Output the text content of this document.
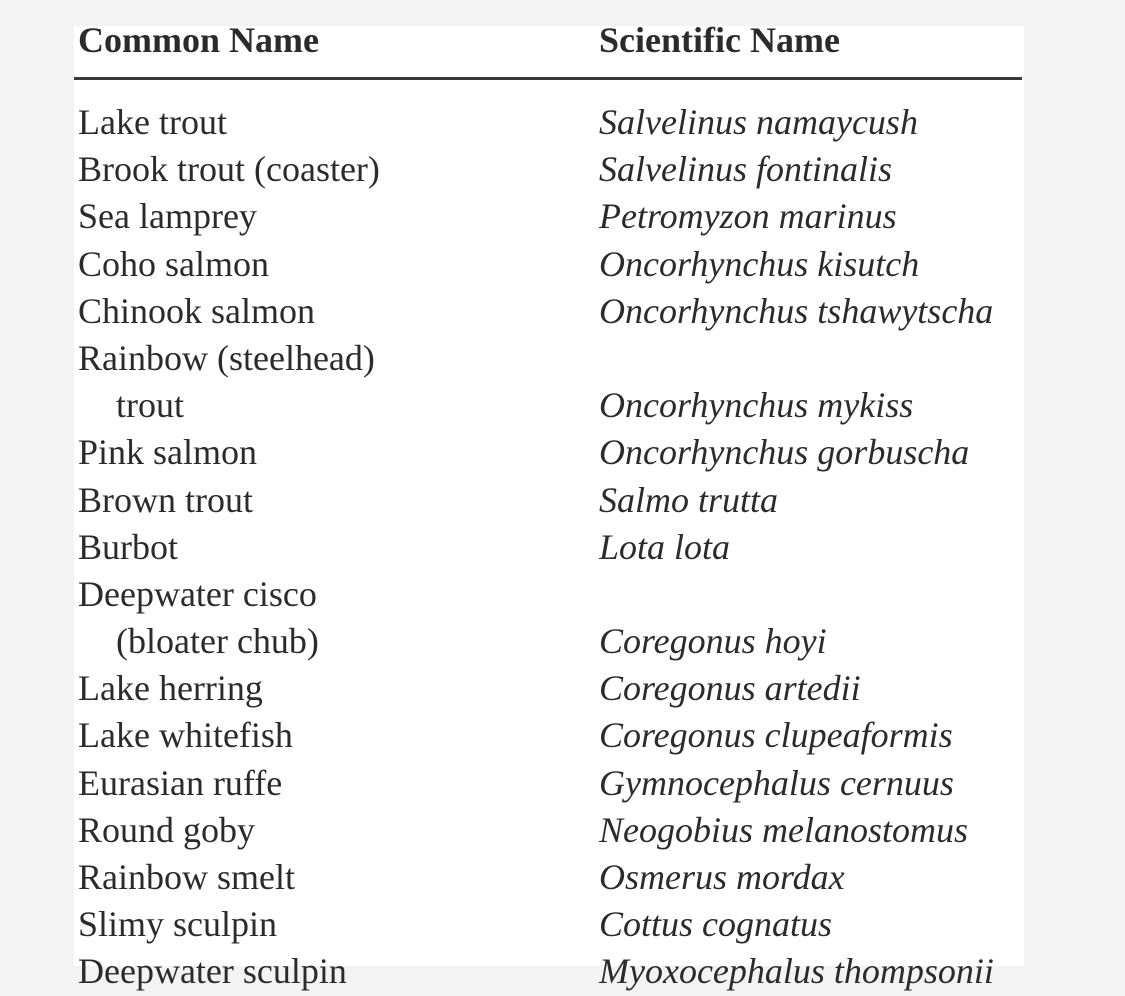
Common Name	Scientific Name
Lake trout	Salvelinus namaycush
Brook trout (coaster)	Salvelinus fontinalis
Sea lamprey	Petromyzon marinus
Coho salmon	Oncorhynchus kisutch
Chinook salmon	Oncorhynchus tshawytscha
Rainbow (steelhead)
trout	Oncorhynchus mykiss
Pink salmon	Oncorhynchus gorbuscha
Brown trout	Salmo trutta
Burbot	Lota lota
Deepwater cisco
(bloater chub)	Coregonus hoyi
Lake herring	Coregonus artedii
Lake whitefish	Coregonus clupeaformis
Eurasian ruffe	Gymnocephalus cernuus
Round goby	Neogobius melanostomus
Rainbow smelt	Osmerus mordax
Slimy sculpin	Cottus cognatus
Deepwater sculpin	Myoxocephalus thompsonii
